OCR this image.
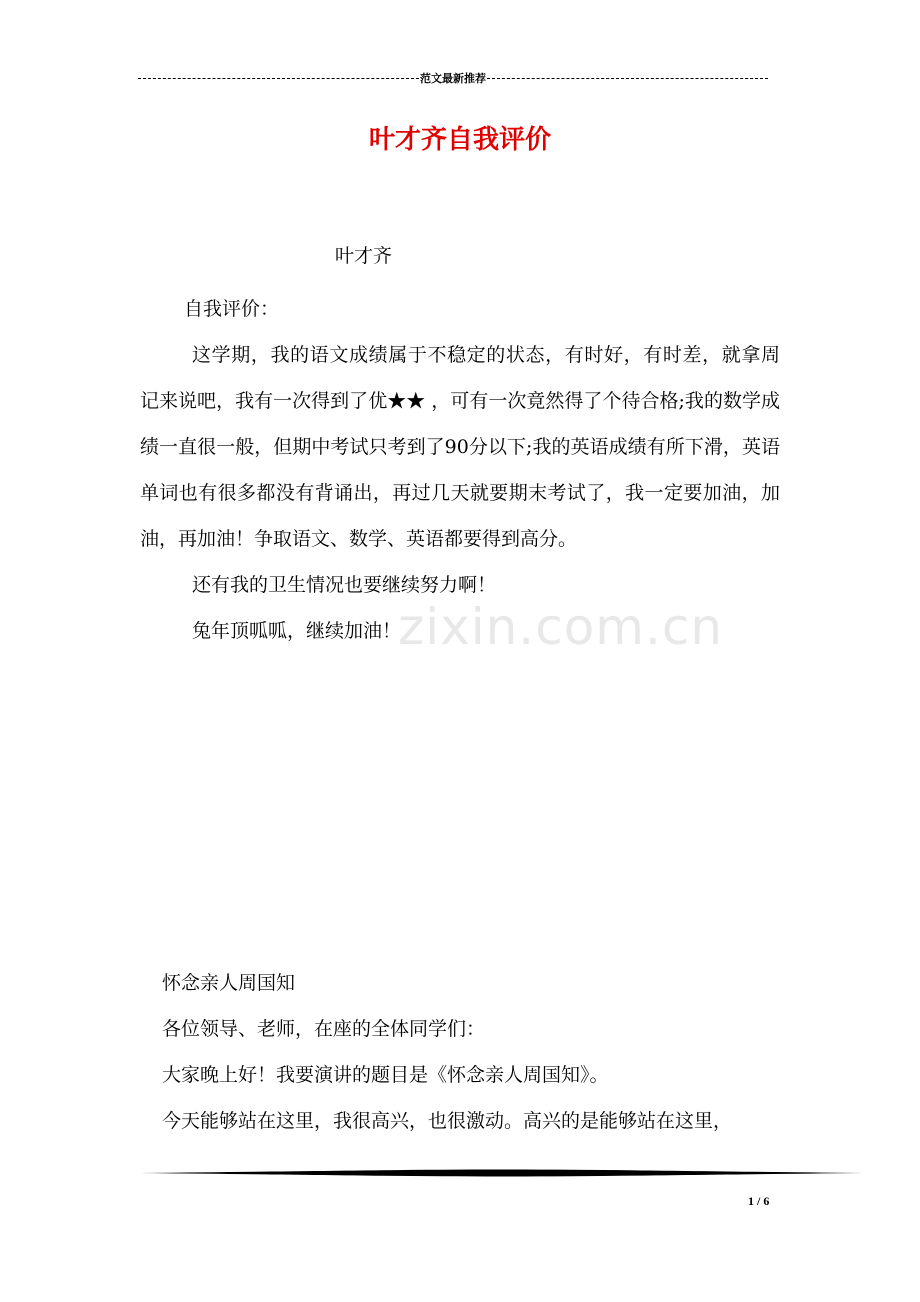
范文最新推荐
叶才齐自我评价
zixin.com.cn

叶才齐

自我评价：

这学期，我的语文成绩属于不稳定的状态，有时好，有时差，就拿周记来说吧，我有一次得到了优★★ ，可有一次竟然得了个待合格;我的数学成绩一直很一般，但期中考试只考到了90分以下;我的英语成绩有所下滑，英语单词也有很多都没有背诵出，再过几天就要期末考试了，我一定要加油，加油，再加油！争取语文、数学、英语都要得到高分。

还有我的卫生情况也要继续努力啊！

兔年顶呱呱，继续加油！

怀念亲人周国知

各位领导、老师，在座的全体同学们：

大家晚上好！我要演讲的题目是《怀念亲人周国知》。

今天能够站在这里，我很高兴，也很激动。高兴的是能够站在这里，

1 / 6
